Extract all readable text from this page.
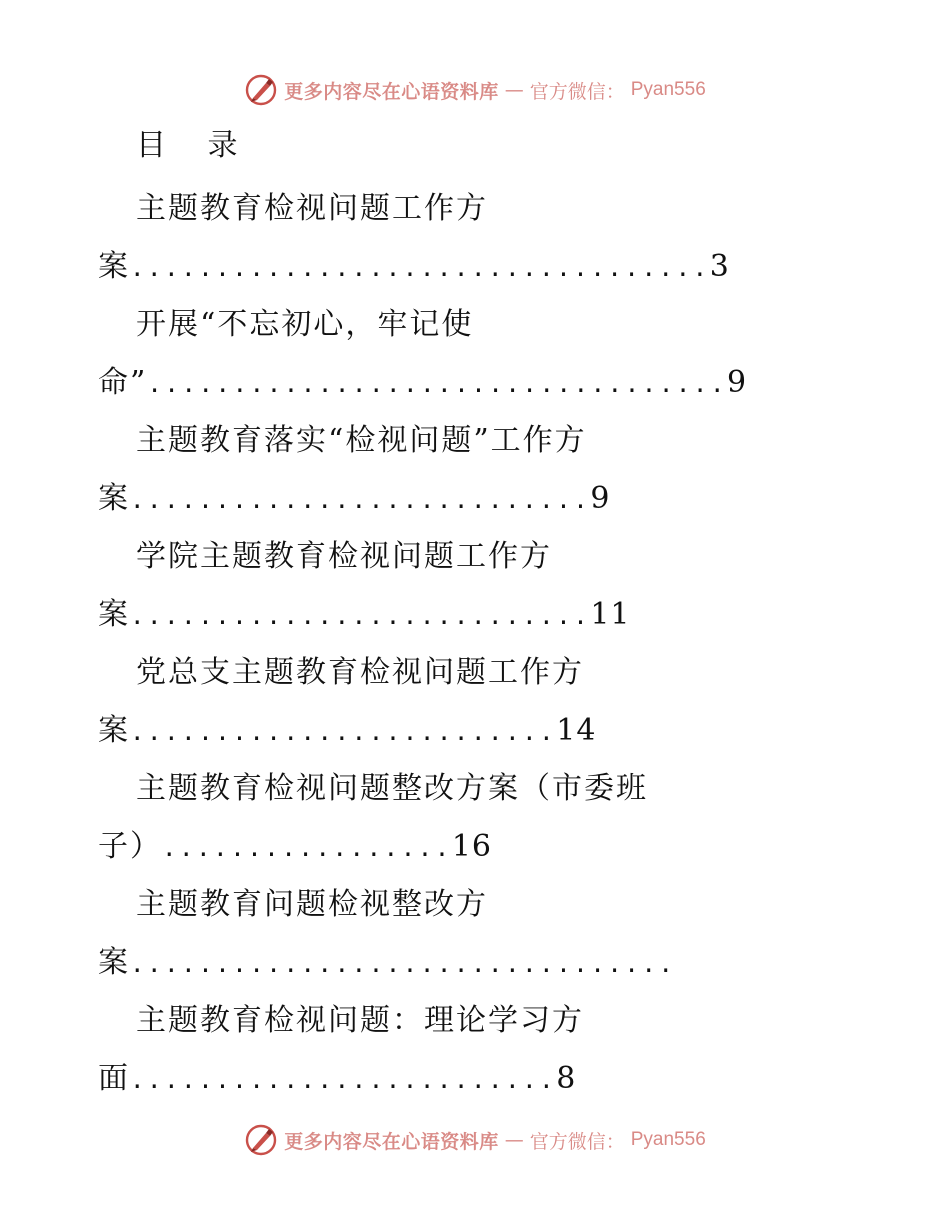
更多内容尽在心语资料库 — 官方微信： Pyan556
目 录
主题教育检视问题工作方
案..................................3
开展“不忘初心，牢记使
命”..................................9
主题教育落实“检视问题”工作方
案...........................9
学院主题教育检视问题工作方
案...........................11
党总支主题教育检视问题工作方
案.........................14
主题教育检视问题整改方案（市委班
子）.................16
主题教育问题检视整改方
案................................
主题教育检视问题：理论学习方
面.........................8
更多内容尽在心语资料库 — 官方微信： Pyan556
